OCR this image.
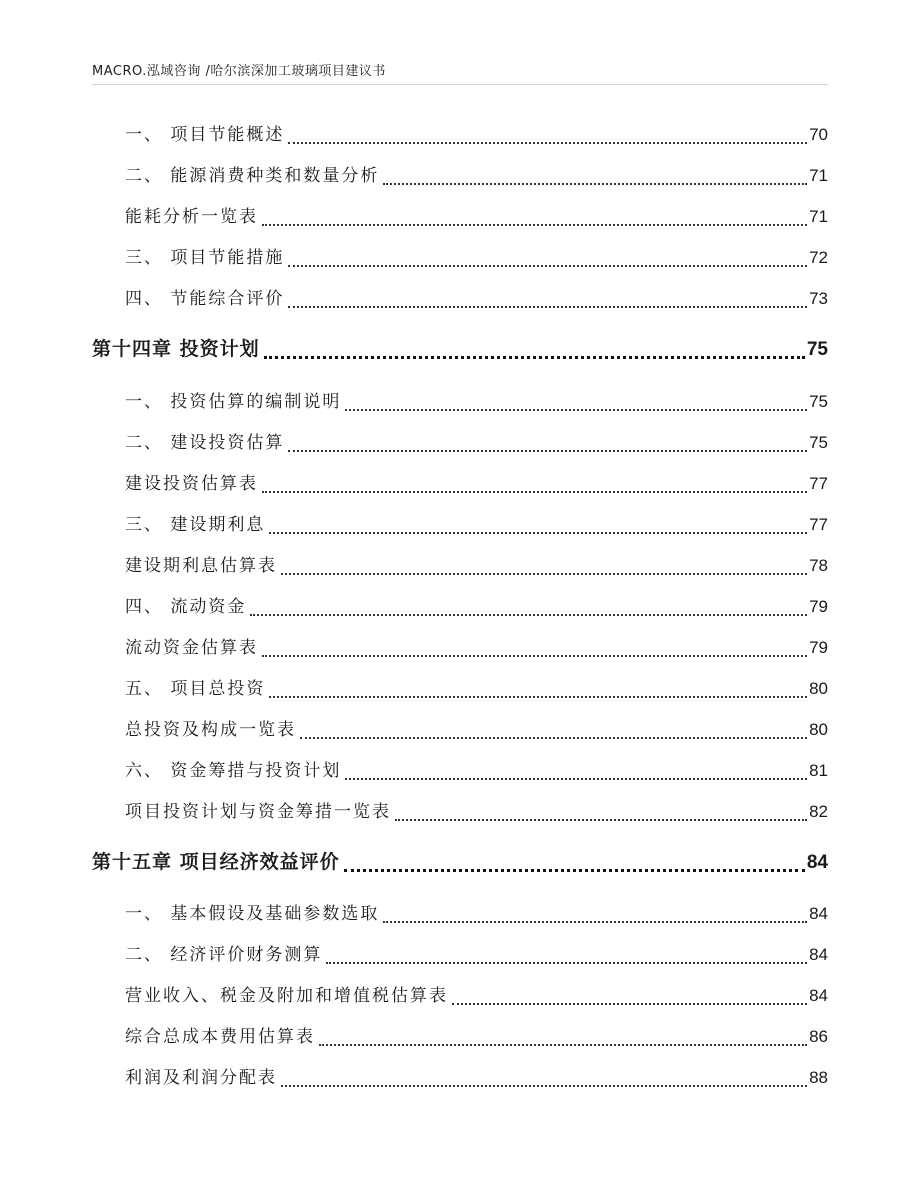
MACRO.泓域咨询 /哈尔滨深加工玻璃项目建议书
一、 项目节能概述	70
二、 能源消费种类和数量分析	71
能耗分析一览表	71
三、 项目节能措施	72
四、 节能综合评价	73
第十四章 投资计划	75
一、 投资估算的编制说明	75
二、 建设投资估算	75
建设投资估算表	77
三、 建设期利息	77
建设期利息估算表	78
四、 流动资金	79
流动资金估算表	79
五、 项目总投资	80
总投资及构成一览表	80
六、 资金筹措与投资计划	81
项目投资计划与资金筹措一览表	82
第十五章 项目经济效益评价	84
一、 基本假设及基础参数选取	84
二、 经济评价财务测算	84
营业收入、税金及附加和增值税估算表	84
综合总成本费用估算表	86
利润及利润分配表	88
